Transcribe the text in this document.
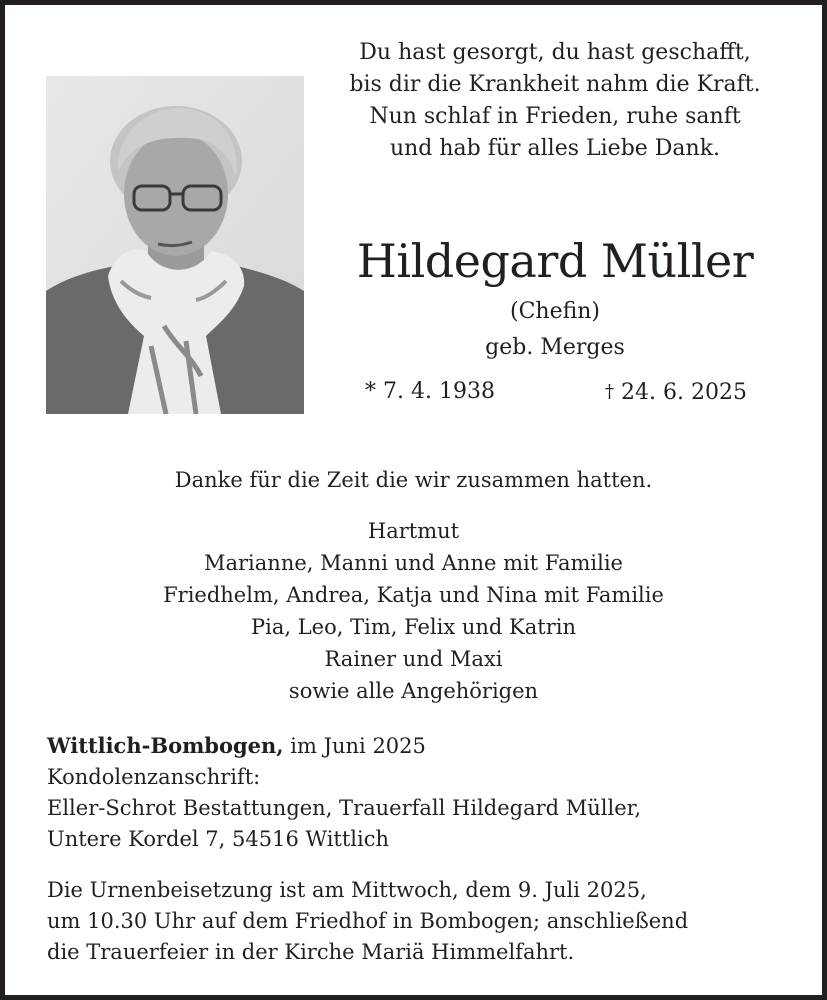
Du hast gesorgt, du hast geschafft,
bis dir die Krankheit nahm die Kraft.
Nun schlaf in Frieden, ruhe sanft
und hab für alles Liebe Dank.
Hildegard Müller
(Chefin)
geb. Merges
* 7. 4. 1938	† 24. 6. 2025
Danke für die Zeit die wir zusammen hatten.
Hartmut
Marianne, Manni und Anne mit Familie
Friedhelm, Andrea, Katja und Nina mit Familie
Pia, Leo, Tim, Felix und Katrin
Rainer und Maxi
sowie alle Angehörigen
Wittlich-Bombogen, im Juni 2025
Kondolenzanschrift:
Eller-Schrot Bestattungen, Trauerfall Hildegard Müller,
Untere Kordel 7, 54516 Wittlich
Die Urnenbeisetzung ist am Mittwoch, dem 9. Juli 2025,
um 10.30 Uhr auf dem Friedhof in Bombogen; anschließend
die Trauerfeier in der Kirche Mariä Himmelfahrt.
